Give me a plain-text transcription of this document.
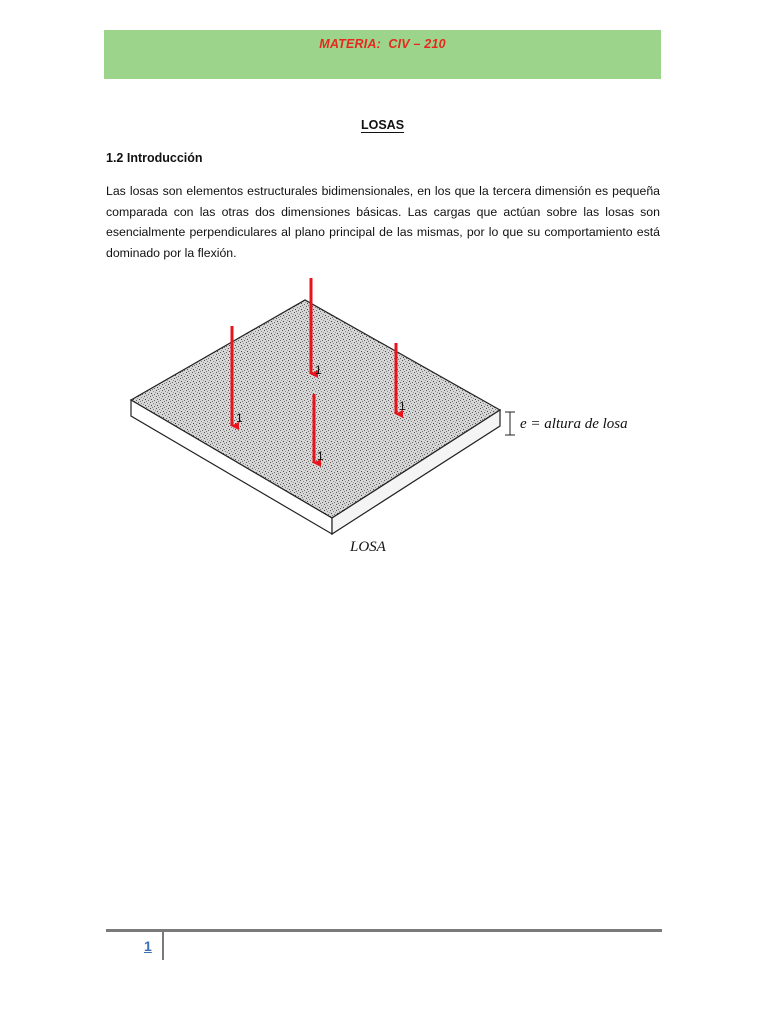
MATERIA:  CIV – 210
LOSAS
1.2 Introducción

Las losas son elementos estructurales bidimensionales, en los que la tercera dimensión es pequeña comparada con las otras dos dimensiones básicas. Las cargas que actúan sobre las losas son esencialmente perpendiculares al plano principal de las mismas, por lo que su comportamiento está dominado por la flexión.

e = altura de losa
1
1
1
1
LOSA
1
